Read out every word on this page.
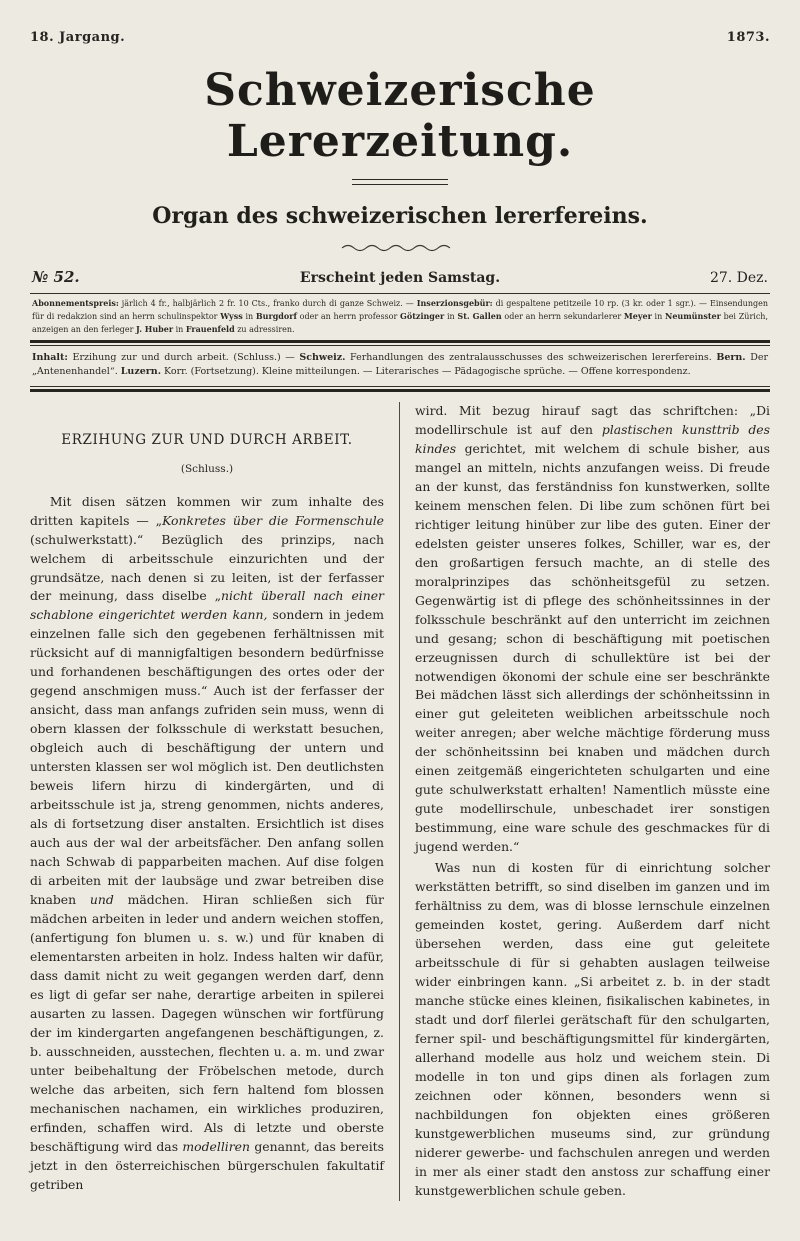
18. Jargang.	1873.
Schweizerische Lererzeitung.
Organ des schweizerischen lererfereins.
№ 52.	Erscheint jeden Samstag.	27. Dez.

Abonnementspreis: järlich 4 fr., halbjärlich 2 fr. 10 Cts., franko durch di ganze Schweiz. — Inserzionsgebür: di gespaltene petitzeile 10 rp. (3 kr. oder 1 sgr.). — Einsendungen für di redakzion sind an herrn schulinspektor Wyss in Burgdorf oder an herrn professor Götzinger in St. Gallen oder an herrn sekundarlerer Meyer in Neumünster bei Zürich, anzeigen an den ferleger J. Huber in Frauenfeld zu adressiren.

Inhalt: Erzihung zur und durch arbeit. (Schluss.) — Schweiz. Ferhandlungen des zentralausschusses des schweizerischen lererfereins. Bern. Der „Antenenhandel“. Luzern. Korr. (Fortsetzung). Kleine mitteilungen. — Literarisches — Pädagogische sprüche. — Offene korrespondenz.

ERZIHUNG ZUR UND DURCH ARBEIT.
(Schluss.)

Mit disen sätzen kommen wir zum inhalte des dritten kapitels — „Konkretes über die Formenschule (schulwerkstatt).“ Bezüglich des prinzips, nach welchem di arbeitsschule einzurichten und der grundsätze, nach denen si zu leiten, ist der ferfasser der meinung, dass diselbe „nicht überall nach einer schablone eingerichtet werden kann, sondern in jedem einzelnen falle sich den gegebenen ferhältnissen mit rücksicht auf di mannigfaltigen besondern bedürfnisse und forhandenen beschäftigungen des ortes oder der gegend anschmigen muss.“ Auch ist der ferfasser der ansicht, dass man anfangs zufriden sein muss, wenn di obern klassen der folksschule di werkstatt besuchen, obgleich auch di beschäftigung der untern und untersten klassen ser wol möglich ist. Den deutlichsten beweis lifern hirzu di kindergärten, und di arbeitsschule ist ja, streng genommen, nichts anderes, als di fortsetzung diser anstalten. Ersichtlich ist dises auch aus der wal der arbeitsfächer. Den anfang sollen nach Schwab di papparbeiten machen. Auf dise folgen di arbeiten mit der laubsäge und zwar betreiben dise knaben und mädchen. Hiran schließen sich für mädchen arbeiten in leder und andern weichen stoffen, (anfertigung fon blumen u. s. w.) und für knaben di elementarsten arbeiten in holz. Indess halten wir dafür, dass damit nicht zu weit gegangen werden darf, denn es ligt di gefar ser nahe, derartige arbeiten in spilerei ausarten zu lassen. Dagegen wünschen wir fortfürung der im kindergarten angefangenen beschäftigungen, z. b. ausschneiden, ausstechen, flechten u. a. m. und zwar unter beibehaltung der Fröbelschen metode, durch welche das arbeiten, sich fern haltend fom blossen mechanischen nachamen, ein wirkliches produziren, erfinden, schaffen wird. Als di letzte und oberste beschäftigung wird das modelliren genannt, das bereits jetzt in den österreichischen bürgerschulen fakultatif getriben

wird. Mit bezug hirauf sagt das schriftchen: „Di modellirschule ist auf den plastischen kunsttrib des kindes gerichtet, mit welchem di schule bisher, aus mangel an mitteln, nichts anzufangen weiss. Di freude an der kunst, das ferständniss fon kunstwerken, sollte keinem menschen felen. Di libe zum schönen fürt bei richtiger leitung hinüber zur libe des guten. Einer der edelsten geister unseres folkes, Schiller, war es, der den großartigen fersuch machte, an di stelle des moralprinzipes das schönheitsgefül zu setzen. Gegenwärtig ist di pflege des schönheitssinnes in der folksschule beschränkt auf den unterricht im zeichnen und gesang; schon di beschäftigung mit poetischen erzeugnissen durch di schullektüre ist bei der notwendigen ökonomi der schule eine ser beschränkte Bei mädchen lässt sich allerdings der schönheitssinn in einer gut geleiteten weiblichen arbeitsschule noch weiter anregen; aber welche mächtige förderung muss der schönheitssinn bei knaben und mädchen durch einen zeitgemäß eingerichteten schulgarten und eine gute schulwerkstatt erhalten! Namentlich müsste eine gute modellirschule, unbeschadet irer sonstigen bestimmung, eine ware schule des geschmackes für di jugend werden.“

Was nun di kosten für di einrichtung solcher werkstätten betrifft, so sind diselben im ganzen und im ferhältniss zu dem, was di blosse lernschule einzelnen gemeinden kostet, gering. Außerdem darf nicht übersehen werden, dass eine gut geleitete arbeitsschule di für si gehabten auslagen teilweise wider einbringen kann. „Si arbeitet z. b. in der stadt manche stücke eines kleinen, fisikalischen kabinetes, in stadt und dorf filerlei gerätschaft für den schulgarten, ferner spil- und beschäftigungsmittel für kindergärten, allerhand modelle aus holz und weichem stein. Di modelle in ton und gips dinen als forlagen zum zeichnen oder können, besonders wenn si nachbildungen fon objekten eines größeren kunstgewerblichen museums sind, zur gründung niderer gewerbe- und fachschulen anregen und werden in mer als einer stadt den anstoss zur schaffung einer kunstgewerblichen schule geben.
